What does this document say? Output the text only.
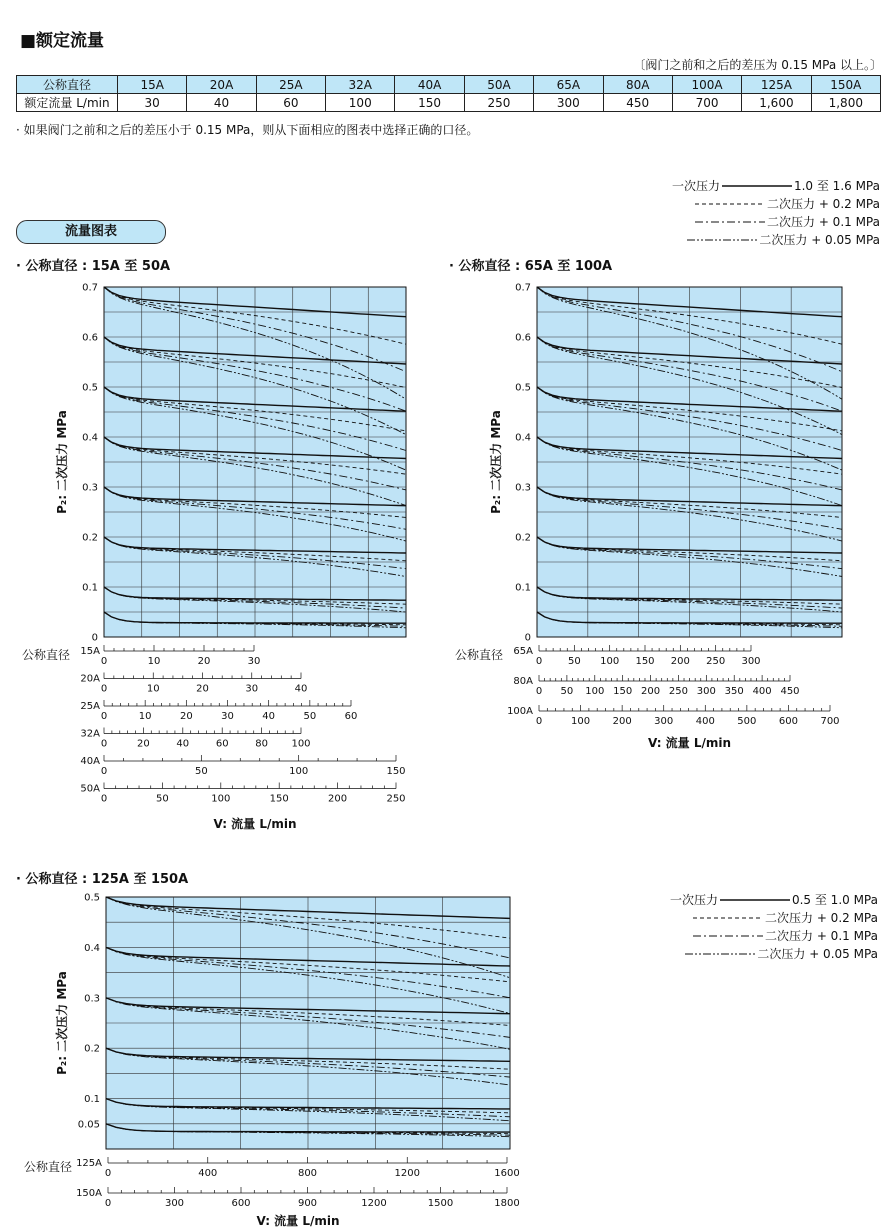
■额定流量
〔阀门之前和之后的差压为 0.15 MPa 以上。〕
公称直径	15A	20A	25A	32A	40A	50A	65A	80A	100A	125A	150A
额定流量 L/min	30	40	60	100	150	250	300	450	700	1,600	1,800
· 如果阀门之前和之后的差压小于 0.15 MPa，则从下面相应的图表中选择正确的口径。
流量图表
一次压力	1.0 至 1.6 MPa
二次压力 + 0.2 MPa
二次压力 + 0.1 MPa
二次压力 + 0.05 MPa
一次压力	0.5 至 1.0 MPa
二次压力 + 0.2 MPa
二次压力 + 0.1 MPa
二次压力 + 0.05 MPa
· 公称直径 : 15A 至 50A
0
0.1
0.2
0.3
0.4
0.5
0.6
0.7
P₂: 二次压力 MPa
0	10	20	30
15A
0	10	20	30	40
20A
0	10	20	30	40	50	60
25A
0	20	40	60	80 100
32A
0	50	100	150
40A
0	50	100	150	200	250
50A
公称直径
V: 流量 L/min
· 公称直径 : 65A 至 100A
0
0.1
0.2
0.3
0.4
0.5
0.6
0.7
P₂: 二次压力 MPa
0	50 100 150 200 250 300
65A
0 50 100 150 200 250 300 350 400 450
80A
0	100 200 300 400 500 600 700
100A
公称直径
V: 流量 L/min
· 公称直径 : 125A 至 150A
0.05
0.1
0.2
0.3
0.4
0.5
P₂: 二次压力 MPa
0	400	800	1200	1600
125A
0	300	600	900	1200	1500	1800
150A
公称直径
V: 流量 L/min
